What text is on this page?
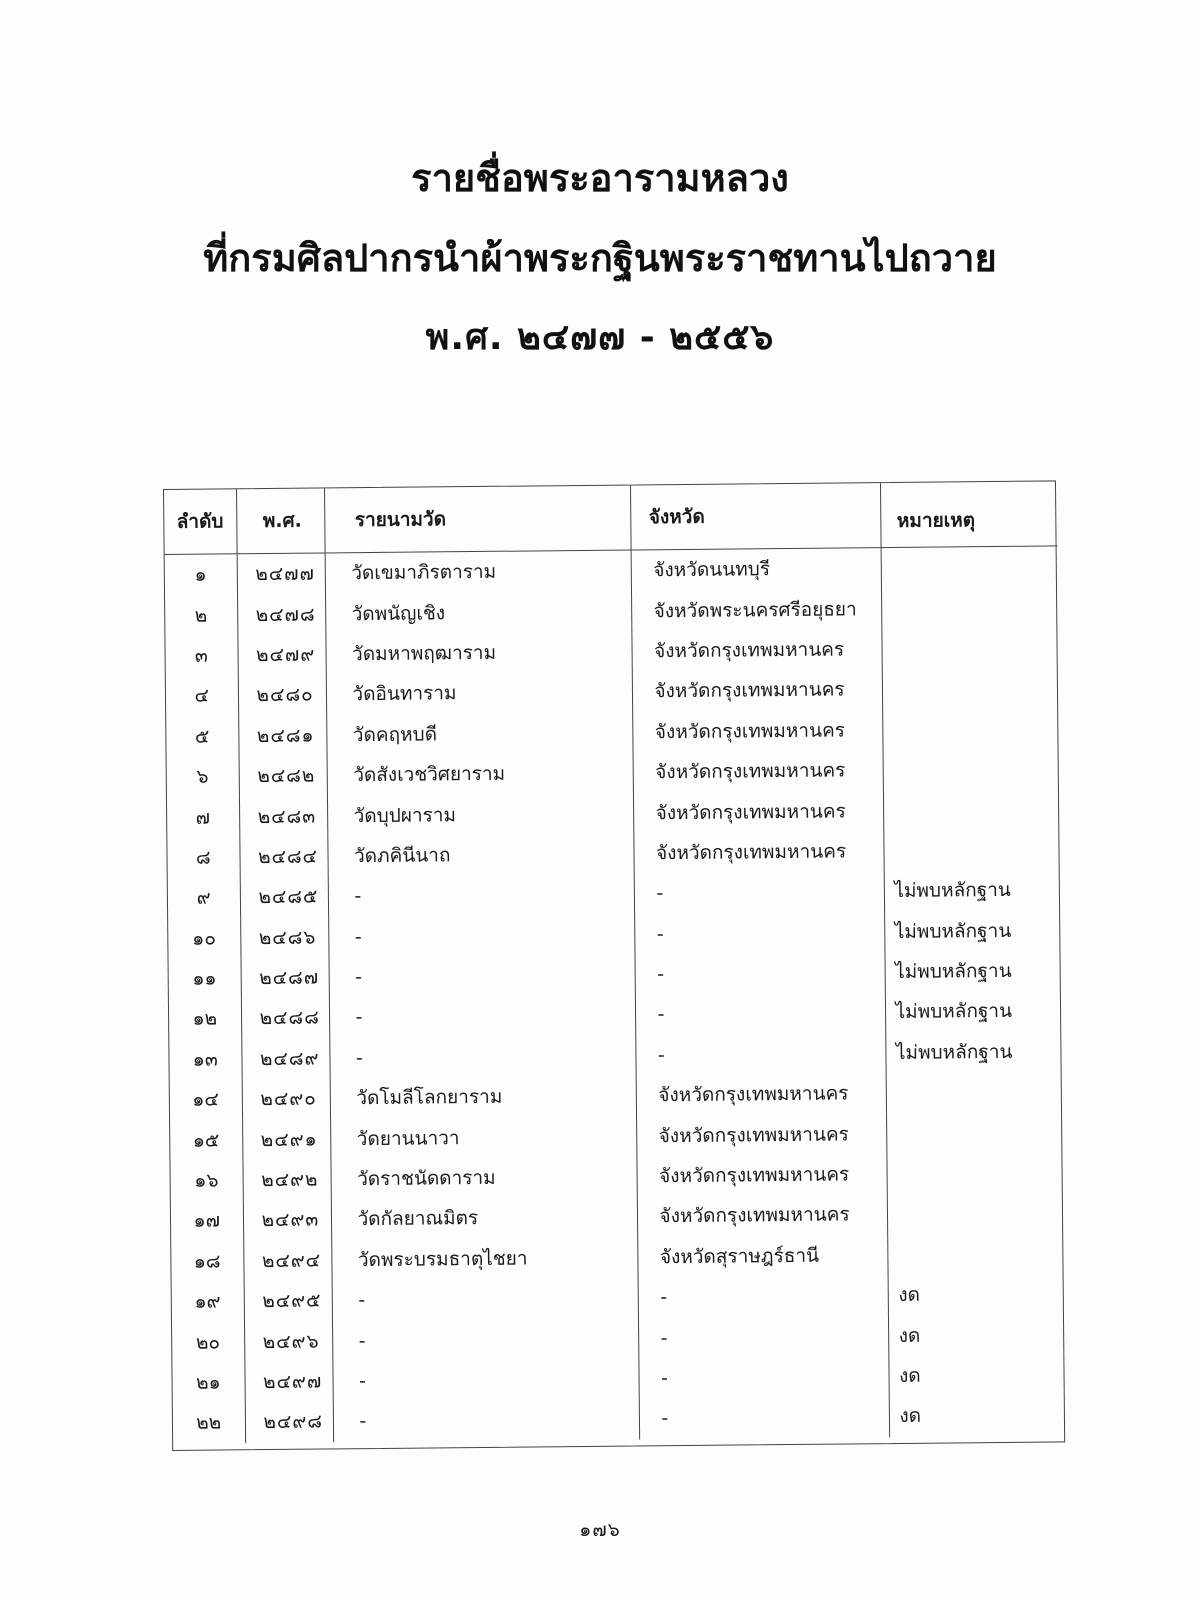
รายชื่อพระอารามหลวง

ที่กรมศิลปากรนำผ้าพระกฐินพระราชทานไปถวาย

พ.ศ. ๒๔๗๗ - ๒๕๕๖

ลำดับ	พ.ศ.	รายนามวัด	จังหวัด	หมายเหตุ
๑	๒๔๗๗	วัดเขมาภิรตาราม	จังหวัดนนทบุรี	
๒	๒๔๗๘	วัดพนัญเชิง	จังหวัดพระนครศรีอยุธยา	
๓	๒๔๗๙	วัดมหาพฤฒาราม	จังหวัดกรุงเทพมหานคร	
๔	๒๔๘๐	วัดอินทาราม	จังหวัดกรุงเทพมหานคร	
๕	๒๔๘๑	วัดคฤหบดี	จังหวัดกรุงเทพมหานคร	
๖	๒๔๘๒	วัดสังเวชวิศยาราม	จังหวัดกรุงเทพมหานคร	
๗	๒๔๘๓	วัดบุปผาราม	จังหวัดกรุงเทพมหานคร	
๘	๒๔๘๔	วัดภคินีนาถ	จังหวัดกรุงเทพมหานคร	
๙	๒๔๘๕	-	-	ไม่พบหลักฐาน
๑๐	๒๔๘๖	-	-	ไม่พบหลักฐาน
๑๑	๒๔๘๗	-	-	ไม่พบหลักฐาน
๑๒	๒๔๘๘	-	-	ไม่พบหลักฐาน
๑๓	๒๔๘๙	-	-	ไม่พบหลักฐาน
๑๔	๒๔๙๐	วัดโมลีโลกยาราม	จังหวัดกรุงเทพมหานคร	
๑๕	๒๔๙๑	วัดยานนาวา	จังหวัดกรุงเทพมหานคร	
๑๖	๒๔๙๒	วัดราชนัดดาราม	จังหวัดกรุงเทพมหานคร	
๑๗	๒๔๙๓	วัดกัลยาณมิตร	จังหวัดกรุงเทพมหานคร	
๑๘	๒๔๙๔	วัดพระบรมธาตุไชยา	จังหวัดสุราษฎร์ธานี	
๑๙	๒๔๙๕	-	-	งด
๒๐	๒๔๙๖	-	-	งด
๒๑	๒๔๙๗	-	-	งด
๒๒	๒๔๙๘	-	-	งด
๑๗๖
